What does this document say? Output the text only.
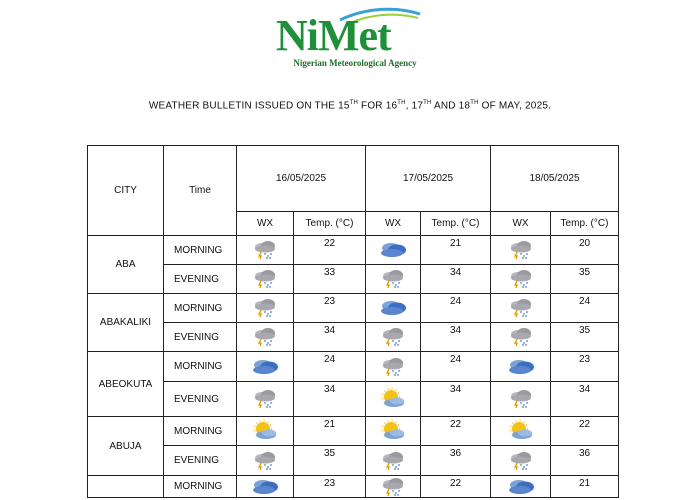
NiMet
Nigerian Meteorological Agency
WEATHER BULLETIN ISSUED ON THE 15TH FOR 16TH, 17TH AND 18TH OF MAY, 2025.
CITY	Time	16/05/2025		17/05/2025		18/05/2025	
		WX	Temp. (°C)	WX	Temp. (°C)	WX	Temp. (°C)
ABA	MORNING		22		21		20
	EVENING		33		34		35
ABAKALIKI	MORNING		23		24		24
	EVENING		34		34		35
ABEOKUTA	MORNING		24		24		23
	EVENING		34		34		34
ABUJA	MORNING		21		22		22
	EVENING		35		36		36
	MORNING		23		22		21
